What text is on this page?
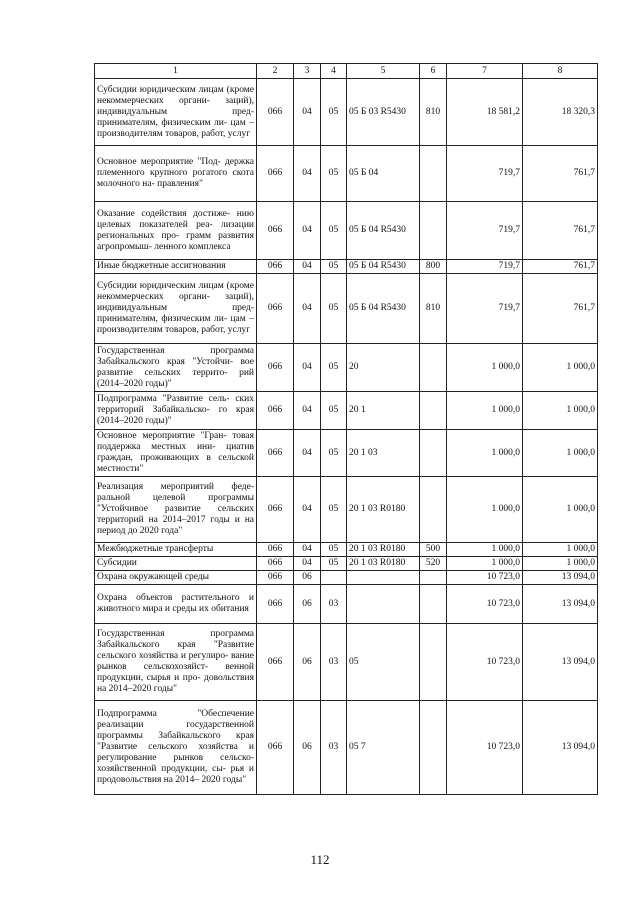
1	2	3	4	5	6	7	8
Субсидии юридическим лицам (кроме некоммерческих органи- заций), индивидуальным пред- принимателям, физическим ли- цам – производителям товаров, работ, услуг	066	04	05	05 Б 03 R5430	810	18 581,2	18 320,3
Основное мероприятие "Под- держка племенного крупного рогатого скота молочного на- правления"	066	04	05	05 Б 04		719,7	761,7
Оказание содействия достиже- нию целевых показателей реа- лизации региональных про- грамм развития агропромыш- ленного комплекса	066	04	05	05 Б 04 R5430		719,7	761,7
Иные бюджетные ассигнования	066	04	05	05 Б 04 R5430	800	719,7	761,7
Субсидии юридическим лицам (кроме некоммерческих органи- заций), индивидуальным пред- принимателям, физическим ли- цам – производителям товаров, работ, услуг	066	04	05	05 Б 04 R5430	810	719,7	761,7
Государственная программа Забайкальского края "Устойчи- вое развитие сельских террито- рий (2014–2020 годы)"	066	04	05	20		1 000,0	1 000,0
Подпрограмма "Развитие сель- ских территорий Забайкальско- го края (2014–2020 годы)"	066	04	05	20 1		1 000,0	1 000,0
Основное мероприятие "Гран- товая поддержка местных ини- циатив граждан, проживающих в сельской местности"	066	04	05	20 1 03		1 000,0	1 000,0
Реализация мероприятий феде- ральной целевой программы "Устойчивое развитие сельских территорий на 2014–2017 годы и на период до 2020 года"	066	04	05	20 1 03 R0180		1 000,0	1 000,0
Межбюджетные трансферты	066	04	05	20 1 03 R0180	500	1 000,0	1 000,0
Субсидии	066	04	05	20 1 03 R0180	520	1 000,0	1 000,0
Охрана окружающей среды	066	06				10 723,0	13 094,0
Охрана объектов растительного и животного мира и среды их обитания	066	06	03			10 723,0	13 094,0
Государственная программа Забайкальского края "Развитие сельского хозяйства и регулиро- вание рынков сельскохозяйст- венной продукции, сырья и про- довольствия на 2014–2020 годы"	066	06	03	05		10 723,0	13 094,0
Подпрограмма "Обеспечение реализации государственной программы Забайкальского края "Развитие сельского хозяйства и регулирование рынков сельско- хозяйственной продукции, сы- рья и продовольствия на 2014– 2020 годы"	066	06	03	05 7		10 723,0	13 094,0
112
